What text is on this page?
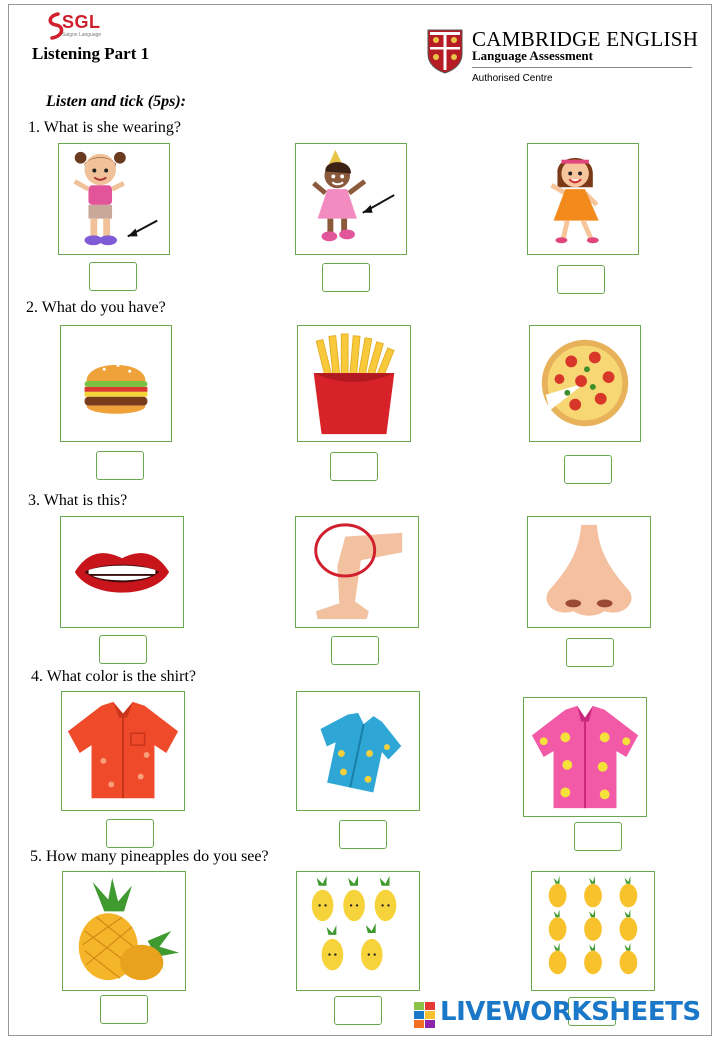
SGL
Saigon Language
Listening Part 1
CAMBRIDGE ENGLISH
Language Assessment
Authorised Centre
Listen and tick (5ps):
1. What is she wearing?
2. What do you have?
3. What is this?
4. What color is the shirt?
5. How many pineapples do you see?
LIVEWORKSHEETS
